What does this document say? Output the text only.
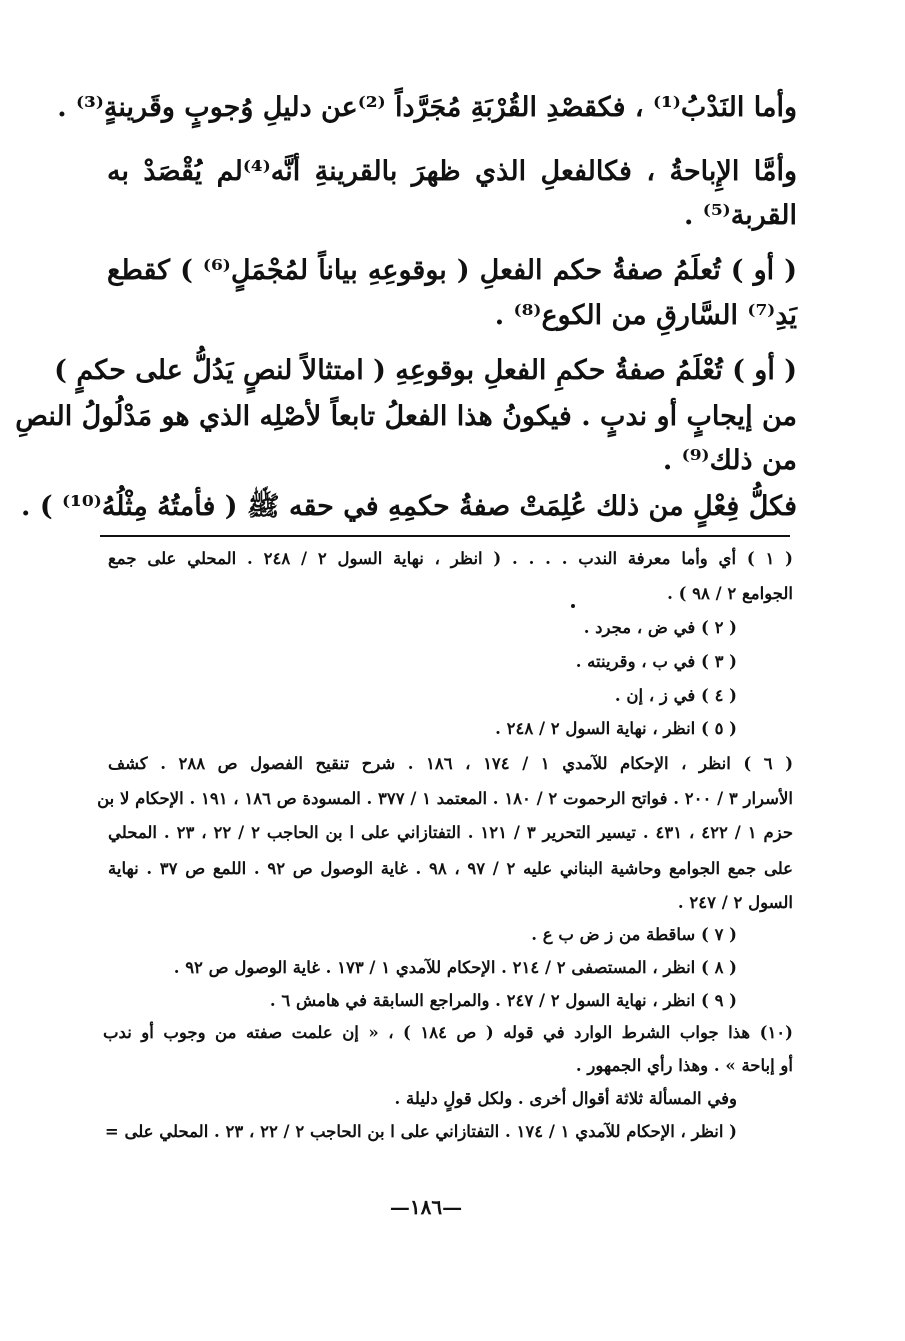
وأما النَدْبُ⁽¹⁾ ، فكقصْدِ القُرْبَةِ مُجَرَّداً ⁽²⁾عن دليلِ وُجوبٍ وقَرينةٍ⁽³⁾ .
وأمَّا الإِباحةُ ، فكالفعلِ الذي ظهرَ بالقرينةِ أنَّه⁽⁴⁾لم يُقْصَدْ به
القربة⁽⁵⁾ .
( أو ) تُعلَمُ صفةُ حكم الفعلِ ( بوقوعِهِ بياناً لمُجْمَلٍ⁽⁶⁾ ) كقطع
يَدِ⁽⁷⁾ السَّارقِ من الكوع⁽⁸⁾ .
( أو ) تُعْلَمُ صفةُ حكمِ الفعلِ بوقوعِهِ ( امتثالاً لنصٍ يَدُلُّ على حكمٍ )
من إيجابٍ أو ندبٍ . فيكونُ هذا الفعلُ تابعاً لأصْلِه الذي هو مَدْلُولُ النصِ
من ذلك⁽⁹⁾ .
فكلُّ فِعْلٍ من ذلك عُلِمَتْ صفةُ حكمِهِ في حقه ﷺ ( فأمتُهُ مِثْلُهُ⁽¹⁰⁾ ) .
( ١ ) أي وأما معرفة الندب . . . . ( انظر ، نهاية السول ٢ / ٢٤٨ . المحلي على جمع
الجوامع ٢ / ٩٨ ) .
( ٢ ) في ض ، مجرد .
( ٣ ) في ب ، وقرينته .
( ٤ ) في ز ، إن .
( ٥ ) انظر ، نهاية السول ٢ / ٢٤٨ .
( ٦ ) انظر ، الإحكام للآمدي ١ / ١٧٤ ، ١٨٦ . شرح تنقيح الفصول ص ٢٨٨ . كشف
الأسرار ٣ / ٢٠٠ . فواتح الرحموت ٢ / ١٨٠ . المعتمد ١ / ٣٧٧ . المسودة ص ١٨٦ ، ١٩١ . الإحكام لا بن
حزم ١ / ٤٢٢ ، ٤٣١ . تيسير التحرير ٣ / ١٢١ . التفتازاني على ا بن الحاجب ٢ / ٢٢ ، ٢٣ . المحلي
على جمع الجوامع وحاشية البناني عليه ٢ / ٩٧ ، ٩٨ . غاية الوصول ص ٩٢ . اللمع ص ٣٧ . نهاية
السول ٢ / ٢٤٧ .
( ٧ ) ساقطة من ز ض ب ع .
( ٨ ) انظر ، المستصفى ٢ / ٢١٤ . الإحكام للآمدي ١ / ١٧٣ . غاية الوصول ص ٩٢ .
( ٩ ) انظر ، نهاية السول ٢ / ٢٤٧ . والمراجع السابقة في هامش ٦ .
(١٠) هذا جواب الشرط الوارد في قوله ( ص ١٨٤ ) ، « إن علمت صفته من وجوب أو ندب
أو إباحة » . وهذا رأي الجمهور .
وفي المسألة ثلاثة أقوال أخرى . ولكل قولٍ دليلة .
( انظر ، الإحكام للآمدي ١ / ١٧٤ . التفتازاني على ا بن الحاجب ٢ / ٢٢ ، ٢٣ . المحلي على =
—١٨٦—
